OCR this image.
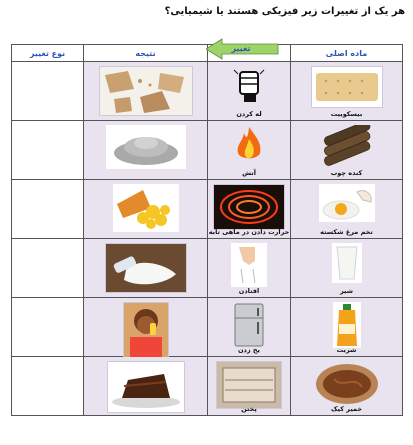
هر یک از تغییرات زیر فیزیکی هستند یا شیمیایی؟
نوع تغییر	نتیجه		ماده اصلی

له کردن	بیسکوییت

آتش	کنده چوب

حرارت دادن در ماهی تابه	تخم مرغ شکسته

افتادن	شیر

یخ زدن	شربت

پختن	خمیر کیک
تغییر
